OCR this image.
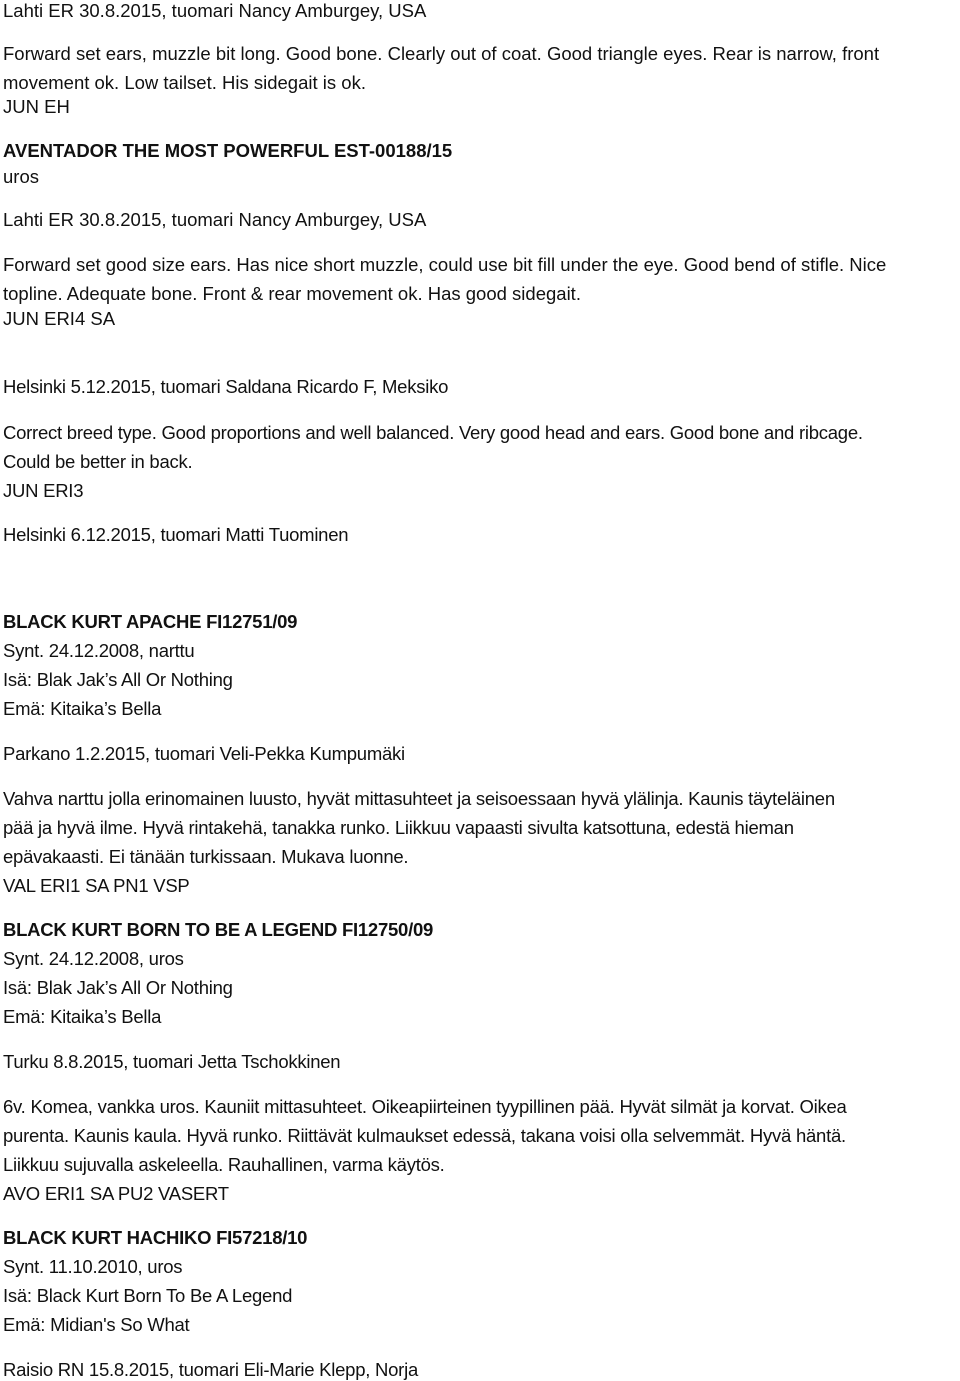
Lahti ER 30.8.2015, tuomari Nancy Amburgey, USA
Forward set ears, muzzle bit long. Good bone. Clearly out of coat. Good triangle eyes. Rear is narrow, front
movement ok. Low tailset. His sidegait is ok.
JUN EH
AVENTADOR THE MOST POWERFUL EST-00188/15
uros
Lahti ER 30.8.2015, tuomari Nancy Amburgey, USA
Forward set good size ears. Has nice short muzzle, could use bit fill under the eye. Good bend of stifle. Nice
topline. Adequate bone. Front & rear movement ok. Has good sidegait.
JUN ERI4 SA
Helsinki 5.12.2015, tuomari Saldana Ricardo F, Meksiko
Correct breed type. Good proportions and well balanced. Very good head and ears. Good bone and ribcage.
Could be better in back.
JUN ERI3
Helsinki 6.12.2015, tuomari Matti Tuominen
BLACK KURT APACHE FI12751/09
Synt. 24.12.2008, narttu
Isä: Blak Jak’s All Or Nothing
Emä: Kitaika’s Bella
Parkano 1.2.2015, tuomari Veli-Pekka Kumpumäki
Vahva narttu jolla erinomainen luusto, hyvät mittasuhteet ja seisoessaan hyvä ylälinja. Kaunis täyteläinen
pää ja hyvä ilme. Hyvä rintakehä, tanakka runko. Liikkuu vapaasti sivulta katsottuna, edestä hieman
epävakaasti. Ei tänään turkissaan. Mukava luonne.
VAL ERI1 SA PN1 VSP
BLACK KURT BORN TO BE A LEGEND FI12750/09
Synt. 24.12.2008, uros
Isä: Blak Jak’s All Or Nothing
Emä: Kitaika’s Bella
Turku 8.8.2015, tuomari Jetta Tschokkinen
6v. Komea, vankka uros. Kauniit mittasuhteet. Oikeapiirteinen tyypillinen pää. Hyvät silmät ja korvat. Oikea
purenta. Kaunis kaula. Hyvä runko. Riittävät kulmaukset edessä, takana voisi olla selvemmät. Hyvä häntä.
Liikkuu sujuvalla askeleella. Rauhallinen, varma käytös.
AVO ERI1 SA PU2 VASERT
BLACK KURT HACHIKO FI57218/10
Synt. 11.10.2010, uros
Isä: Black Kurt Born To Be A Legend
Emä: Midian's So What
Raisio RN 15.8.2015, tuomari Eli-Marie Klepp, Norja
